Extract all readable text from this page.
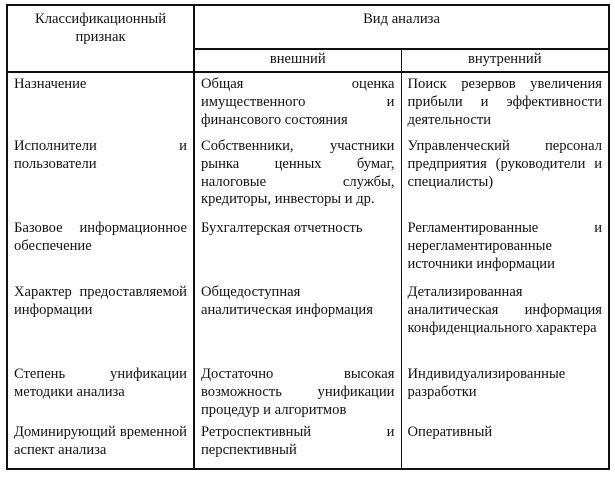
Классификационный признак	Вид анализа	
	внешний	внутренний
Назначение	Общая оценка имущественного и финансового состояния	Поиск резервов увеличения прибыли и эффективности деятельности
Исполнители и пользователи	Собственники, участники рынка ценных бумаг, налоговые службы, кредиторы, инвесторы и др.	Управленческий персонал предприятия (руководители и специалисты)
Базовое информационное обеспечение	Бухгалтерская отчетность	Регламентированные и нерегламентированные источники информации
Характер предоставляемой информации	Общедоступная аналитическая информация	Детализированная аналитическая информация конфиденциального характера
Степень унификации методики анализа	Достаточно высокая возможность унификации процедур и алгоритмов	Индивидуализированные разработки
Доминирующий временной аспект анализа	Ретроспективный и перспективный	Оперативный
